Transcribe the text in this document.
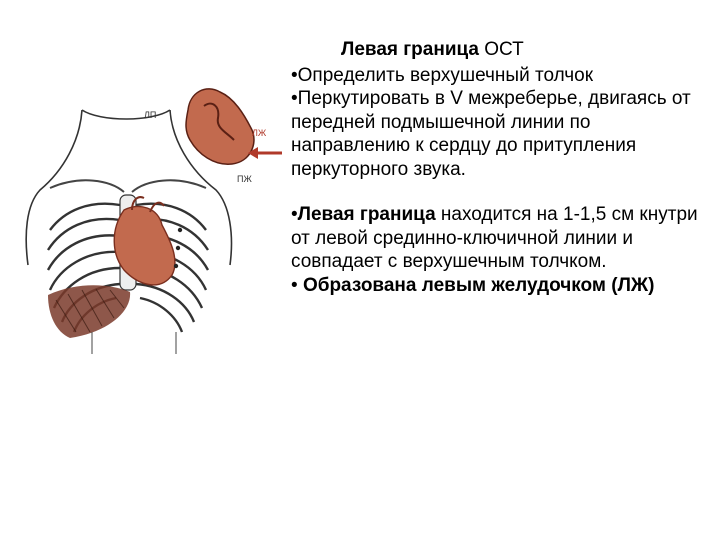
ЛП
ПЖ
ЛЖ

Левая граница ОСТ

•Определить верхушечный толчок

•Перкутировать в V межреберье, двигаясь от передней подмышечной линии по направлению к сердцу до притупления перкуторного звука.

•Левая граница находится на 1-1,5 см кнутри от левой срединно-ключичной линии и совпадает с верхушечным толчком.

• Образована левым желудочком (ЛЖ)
